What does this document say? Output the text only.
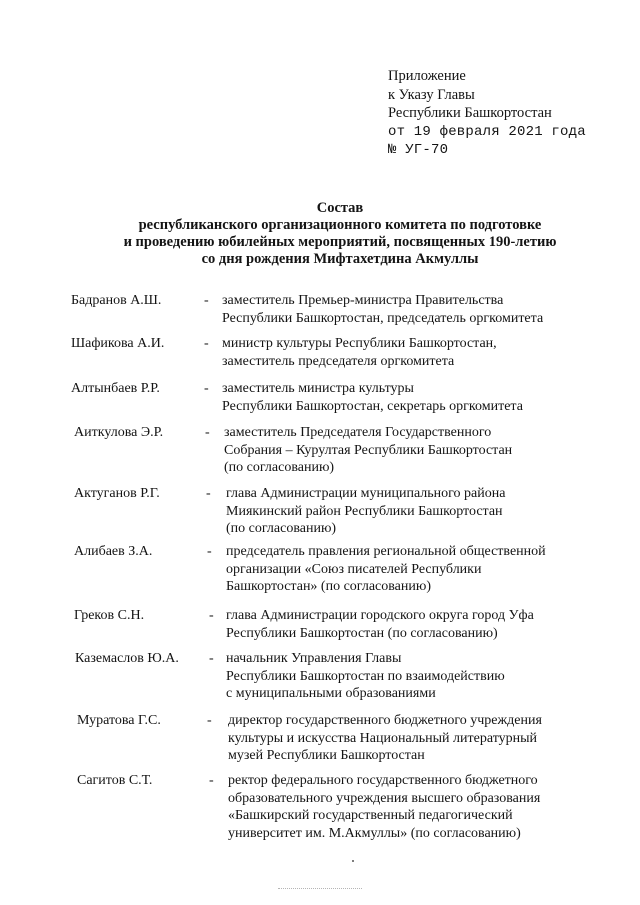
Приложение
к Указу Главы
Республики Башкортостан
от 19 февраля 2021 года
№ УГ-70
Состав
республиканского организационного комитета по подготовке
и проведению юбилейных мероприятий, посвященных 190-летию
со дня рождения Мифтахетдина Акмуллы
Бадранов А.Ш.	- заместитель Премьер-министра Правительства
Республики Башкортостан, председатель оргкомитета
Шафикова А.И.	- министр культуры Республики Башкортостан,
заместитель председателя оргкомитета
Алтынбаев Р.Р.	- заместитель министра культуры
Республики Башкортостан, секретарь оргкомитета
Аиткулова Э.Р.	- заместитель Председателя Государственного
Собрания – Курултая Республики Башкортостан
(по согласованию)
Актуганов Р.Г.	- глава Администрации муниципального района
Миякинский район Республики Башкортостан
(по согласованию)
Алибаев З.А.	- председатель правления региональной общественной
организации «Союз писателей Республики
Башкортостан» (по согласованию)
Греков С.Н.	- глава Администрации городского округа город Уфа
Республики Башкортостан (по согласованию)
Каземаслов Ю.А. - начальник Управления Главы
Республики Башкортостан по взаимодействию
с муниципальными образованиями
Муратова Г.С.	- директор государственного бюджетного учреждения
культуры и искусства Национальный литературный
музей Республики Башкортостан
Сагитов С.Т.	- ректор федерального государственного бюджетного
образовательного учреждения высшего образования
«Башкирский государственный педагогический
университет им. М.Акмуллы» (по согласованию)
